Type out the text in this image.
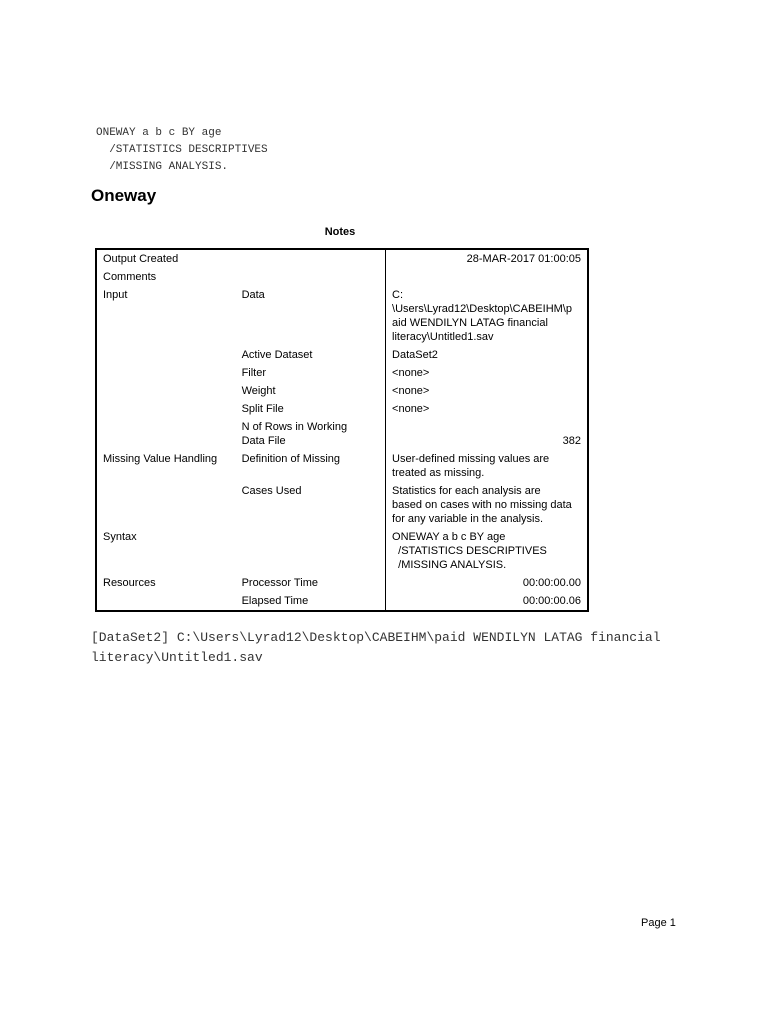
ONEWAY a b c BY age
/STATISTICS DESCRIPTIVES
/MISSING ANALYSIS.
Oneway
Notes
Output Created		28-MAR-2017 01:00:05
Comments		
Input	Data	C:
\Users\Lyrad12\Desktop\CABEIHM\p
aid WENDILYN LATAG financial
literacy\Untitled1.sav
	Active Dataset	DataSet2
	Filter	<none>
	Weight	<none>
	Split File	<none>
	N of Rows in Working
Data File	382
Missing Value Handling	Definition of Missing	User-defined missing values are
treated as missing.
	Cases Used	Statistics for each analysis are
based on cases with no missing data
for any variable in the analysis.
Syntax		ONEWAY a b c BY age
/STATISTICS DESCRIPTIVES
/MISSING ANALYSIS.
Resources	Processor Time	00:00:00.00
	Elapsed Time	00:00:00.06
[DataSet2] C:\Users\Lyrad12\Desktop\CABEIHM\paid WENDILYN LATAG financial literacy\Untitled1.sav
Page 1
